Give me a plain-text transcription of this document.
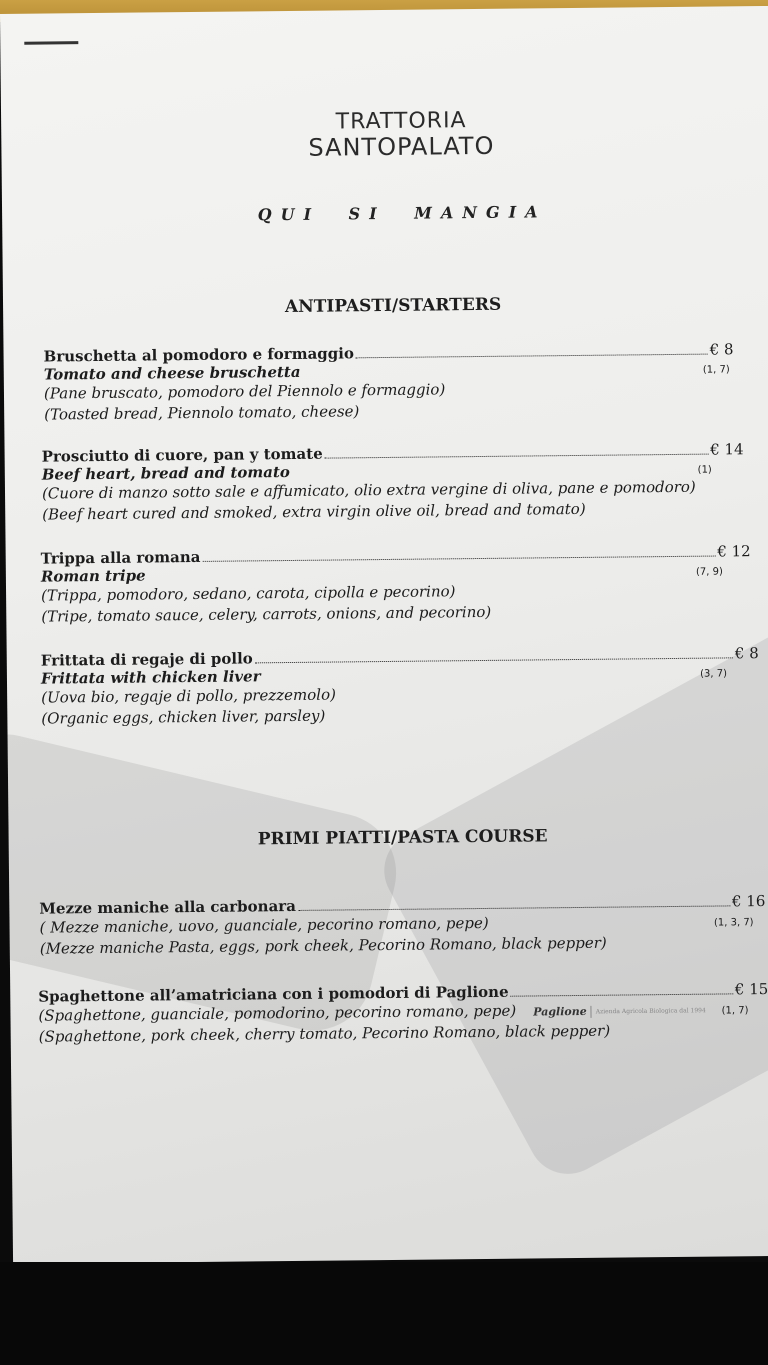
TRATTORIA
SANTOPALATO
QUI SI MANGIA
ANTIPASTI/STARTERS
Bruschetta al pomodoro e formaggio	€ 8
Tomato and cheese bruschetta	(1, 7)
(Pane bruscato, pomodoro del Piennolo e formaggio)
(Toasted bread, Piennolo tomato, cheese)
Prosciutto di cuore, pan y tomate	€ 14
Beef heart, bread and tomato	(1)
(Cuore di manzo sotto sale e affumicato, olio extra vergine di oliva, pane e pomodoro)
(Beef heart cured and smoked, extra virgin olive oil, bread and tomato)
Trippa alla romana	€ 12
Roman tripe	(7, 9)
(Trippa, pomodoro, sedano, carota, cipolla e pecorino)
(Tripe, tomato sauce, celery, carrots, onions, and pecorino)
Frittata di regaje di pollo	€ 8
Frittata with chicken liver	(3, 7)
(Uova bio, regaje di pollo, prezzemolo)
(Organic eggs, chicken liver, parsley)
PRIMI PIATTI/PASTA COURSE
Mezze maniche alla carbonara	€ 16
( Mezze maniche, uovo, guanciale, pecorino romano, pepe)	(1, 3, 7)
(Mezze maniche Pasta, eggs, pork cheek, Pecorino Romano, black pepper)
Spaghettone all’amatriciana con i pomodori di Paglione	€ 15
(Spaghettone, guanciale, pomodorino, pecorino romano, pepe) Paglione Azienda Agricola Biologica dal 1994 (1, 7)
(Spaghettone, pork cheek, cherry tomato, Pecorino Romano, black pepper)
